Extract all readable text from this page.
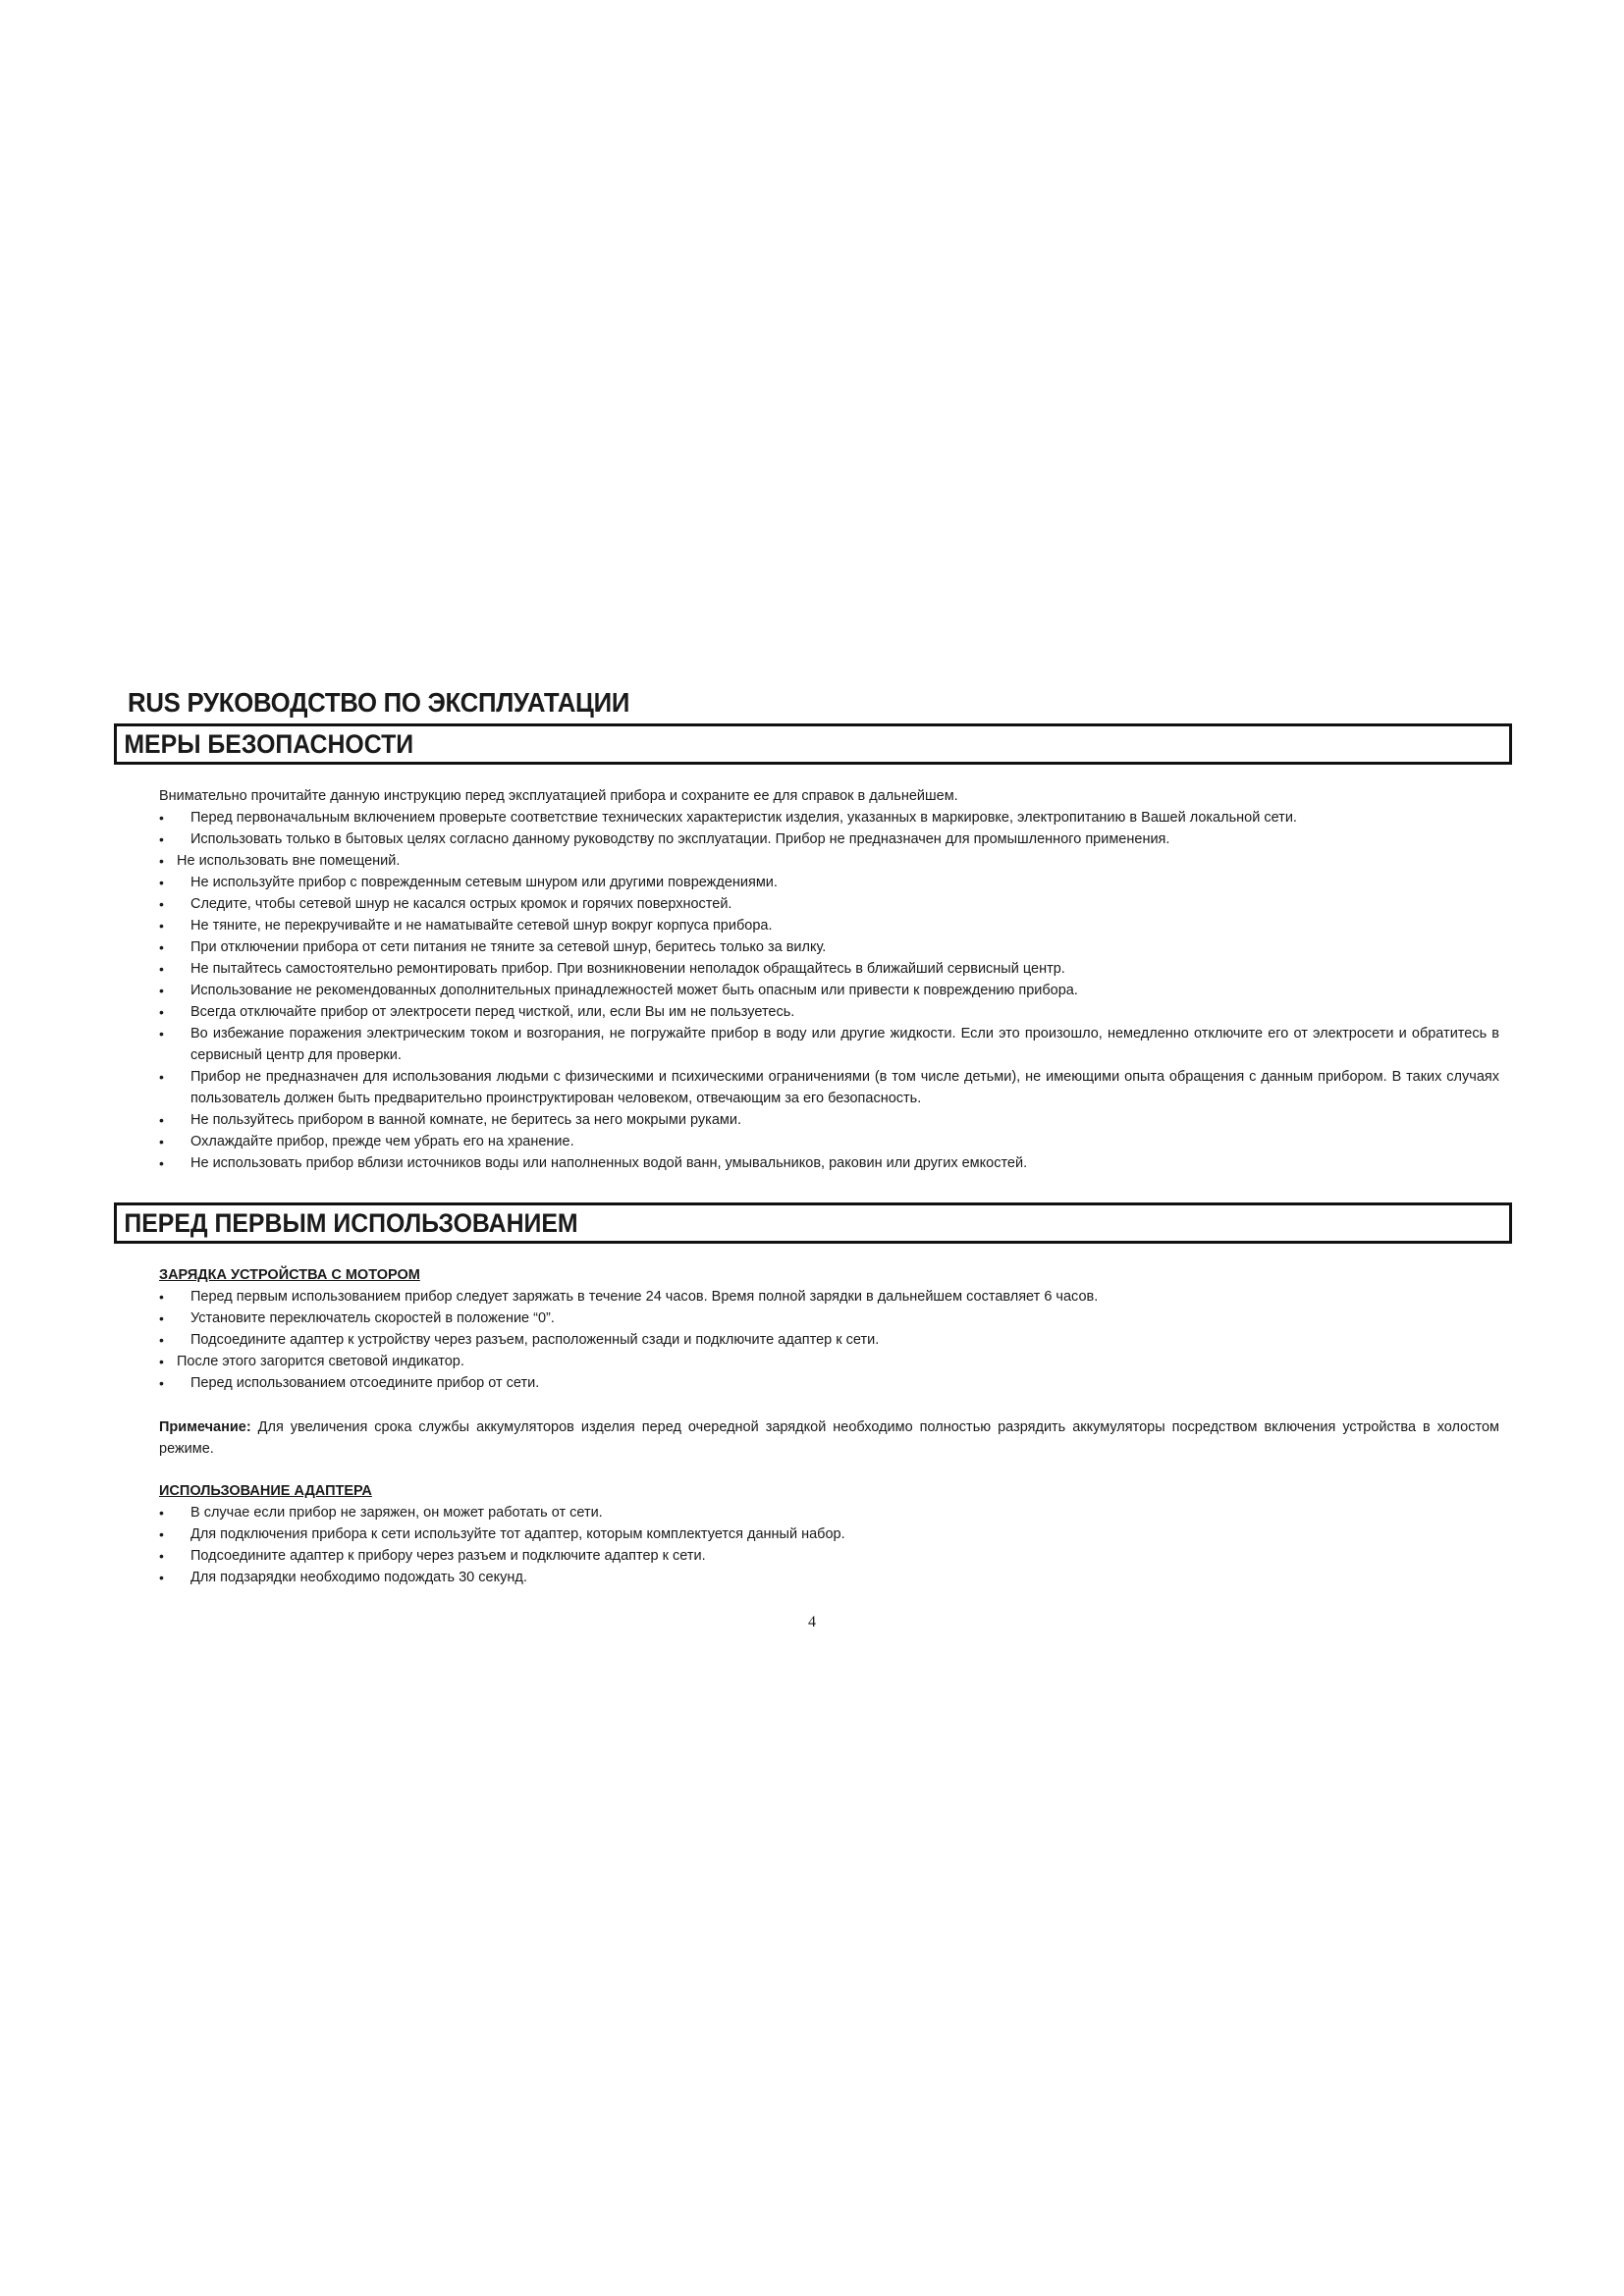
RUS РУКОВОДСТВО ПО ЭКСПЛУАТАЦИИ
МЕРЫ БЕЗОПАСНОСТИ

Внимательно прочитайте данную инструкцию перед эксплуатацией прибора и сохраните ее для справок в дальнейшем.

• Перед первоначальным включением проверьте соответствие технических характеристик изделия, указанных в маркировке, электропитанию в Вашей локальной сети.
• Использовать только в бытовых целях согласно данному руководству по эксплуатации. Прибор не предназначен для промышленного применения.
• Не использовать вне помещений.
• Не используйте прибор с поврежденным сетевым шнуром или другими повреждениями.
• Следите, чтобы сетевой шнур не касался острых кромок и горячих поверхностей.
• Не тяните, не перекручивайте и не наматывайте сетевой шнур вокруг корпуса прибора.
• При отключении прибора от сети питания не тяните за сетевой шнур, беритесь только за вилку.
• Не пытайтесь самостоятельно ремонтировать прибор. При возникновении неполадок обращайтесь в ближайший сервисный центр.
• Использование не рекомендованных дополнительных принадлежностей может быть опасным или привести к повреждению прибора.
• Всегда отключайте прибор от электросети перед чисткой, или, если Вы им не пользуетесь.
• Во избежание поражения электрическим током и возгорания, не погружайте прибор в воду или другие жидкости. Если это произошло, немедленно отключите его от электросети и обратитесь в сервисный центр для проверки.
• Прибор не предназначен для использования людьми с физическими и психическими ограничениями (в том числе детьми), не имеющими опыта обращения с данным прибором. В таких случаях пользователь должен быть предварительно проинструктирован человеком, отвечающим за его безопасность.
• Не пользуйтесь прибором в ванной комнате, не беритесь за него мокрыми руками.
• Охлаждайте прибор, прежде чем убрать его на хранение.
• Не использовать прибор вблизи источников воды или наполненных водой ванн, умывальников, раковин или других емкостей.
ПЕРЕД ПЕРВЫМ ИСПОЛЬЗОВАНИЕМ

ЗАРЯДКА УСТРОЙСТВА С МОТОРОМ

• Перед первым использованием прибор следует заряжать в течение 24 часов. Время полной зарядки в дальнейшем составляет 6 часов.
• Установите переключатель скоростей в положение “0”.
• Подсоедините адаптер к устройству через разъем, расположенный сзади и подключите адаптер к сети.
• После этого загорится световой индикатор.
• Перед использованием отсоедините прибор от сети.

Примечание: Для увеличения срока службы аккумуляторов изделия перед очередной зарядкой необходимо полностью разрядить аккумуляторы посредством включения устройства в холостом режиме.

ИСПОЛЬЗОВАНИЕ АДАПТЕРА

• В случае если прибор не заряжен, он может работать от сети.
• Для подключения прибора к сети используйте тот адаптер, которым комплектуется данный набор.
• Подсоедините адаптер к прибору через разъем и подключите адаптер к сети.
• Для подзарядки необходимо подождать 30 секунд.
4
